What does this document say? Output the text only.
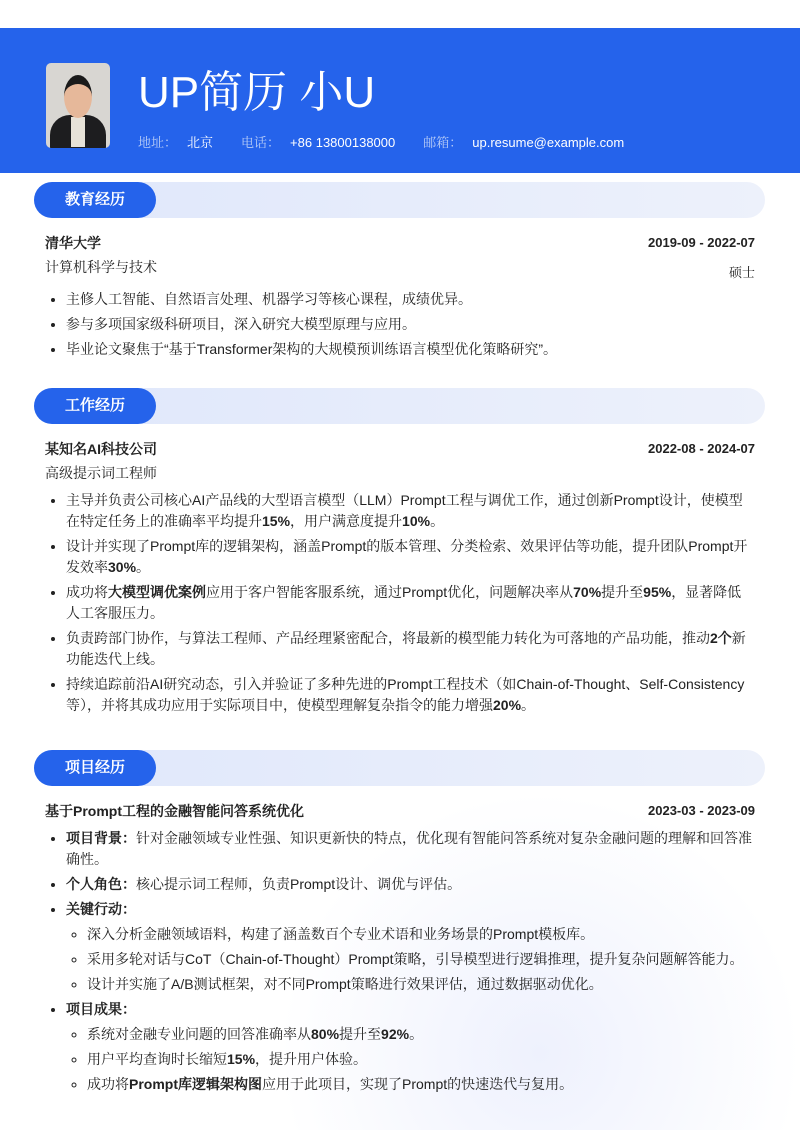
UP简历 小U
地址： 北京 电话： +86 13800138000 邮箱： up.resume@example.com
教育经历
清华大学	2019-09 - 2022-07
计算机科学与技术	硕士
• 主修人工智能、自然语言处理、机器学习等核心课程，成绩优异。
• 参与多项国家级科研项目，深入研究大模型原理与应用。
• 毕业论文聚焦于“基于Transformer架构的大规模预训练语言模型优化策略研究”。
工作经历
某知名AI科技公司	2022-08 - 2024-07
高级提示词工程师
• 主导并负责公司核心AI产品线的大型语言模型（LLM）Prompt工程与调优工作，通过创新Prompt设计，使模型在特定任务上的准确率平均提升15%，用户满意度提升10%。
• 设计并实现了Prompt库的逻辑架构，涵盖Prompt的版本管理、分类检索、效果评估等功能，提升团队Prompt开发效率30%。
• 成功将大模型调优案例应用于客户智能客服系统，通过Prompt优化，问题解决率从70%提升至95%，显著降低人工客服压力。
• 负责跨部门协作，与算法工程师、产品经理紧密配合，将最新的模型能力转化为可落地的产品功能，推动2个新功能迭代上线。
• 持续追踪前沿AI研究动态，引入并验证了多种先进的Prompt工程技术（如Chain-of-Thought、Self-Consistency等），并将其成功应用于实际项目中，使模型理解复杂指令的能力增强20%。
项目经历
基于Prompt工程的金融智能问答系统优化	2023-03 - 2023-09
• 项目背景：针对金融领域专业性强、知识更新快的特点，优化现有智能问答系统对复杂金融问题的理解和回答准确性。
• 个人角色：核心提示词工程师，负责Prompt设计、调优与评估。
• 关键行动：
◦ 深入分析金融领域语料，构建了涵盖数百个专业术语和业务场景的Prompt模板库。
◦ 采用多轮对话与CoT（Chain-of-Thought）Prompt策略，引导模型进行逻辑推理，提升复杂问题解答能力。
◦ 设计并实施了A/B测试框架，对不同Prompt策略进行效果评估，通过数据驱动优化。
• 项目成果：
◦ 系统对金融专业问题的回答准确率从80%提升至92%。
◦ 用户平均查询时长缩短15%，提升用户体验。
◦ 成功将Prompt库逻辑架构图应用于此项目，实现了Prompt的快速迭代与复用。
